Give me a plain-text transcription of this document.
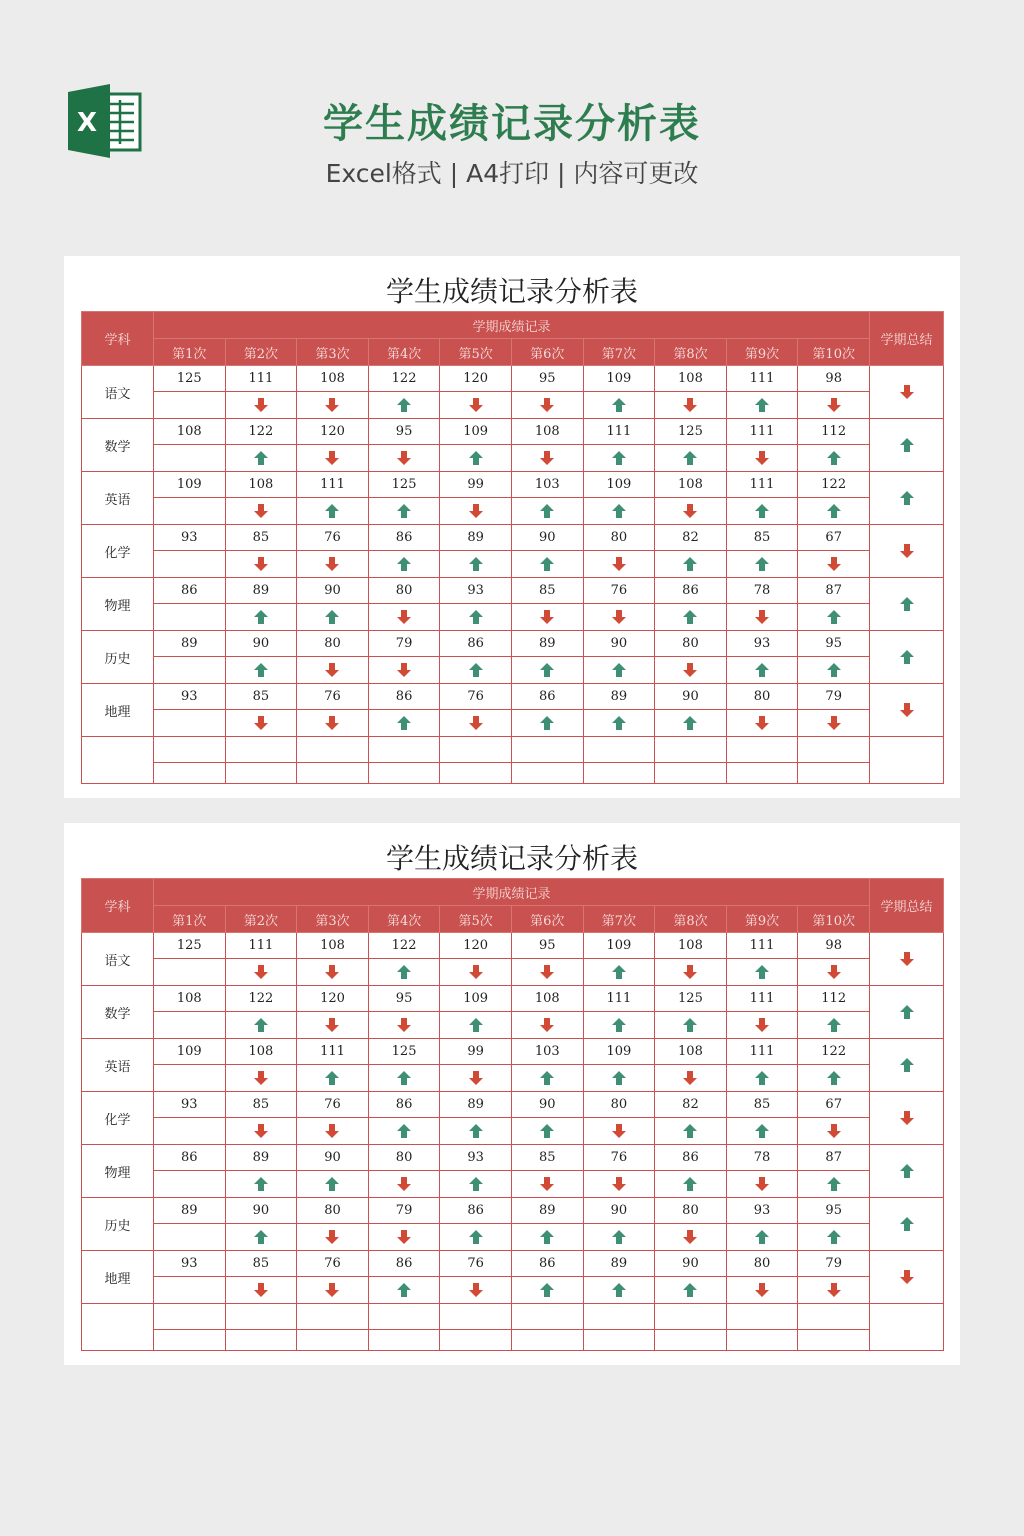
X	学生成绩记录分析表
Excel格式 | A4打印 | 内容可更改
学生成绩记录分析表
学科	学期成绩记录										学期总结
	第1次	第2次	第3次	第4次	第5次	第6次	第7次	第8次	第9次	第10次	
语文	125	111	108	122	120	95	109	108	111	98	

数学	108	122	120	95	109	108	111	125	111	112	

英语	109	108	111	125	99	103	109	108	111	122	

化学	93	85	76	86	89	90	80	82	85	67	

物理	86	89	90	80	93	85	76	86	78	87	

历史	89	90	80	79	86	89	90	80	93	95	

地理	93	85	76	86	76	86	89	90	80	79	

学生成绩记录分析表
学科	学期成绩记录										学期总结
	第1次	第2次	第3次	第4次	第5次	第6次	第7次	第8次	第9次	第10次	
语文	125	111	108	122	120	95	109	108	111	98	

数学	108	122	120	95	109	108	111	125	111	112	

英语	109	108	111	125	99	103	109	108	111	122	

化学	93	85	76	86	89	90	80	82	85	67	

物理	86	89	90	80	93	85	76	86	78	87	

历史	89	90	80	79	86	89	90	80	93	95	

地理	93	85	76	86	76	86	89	90	80	79	
